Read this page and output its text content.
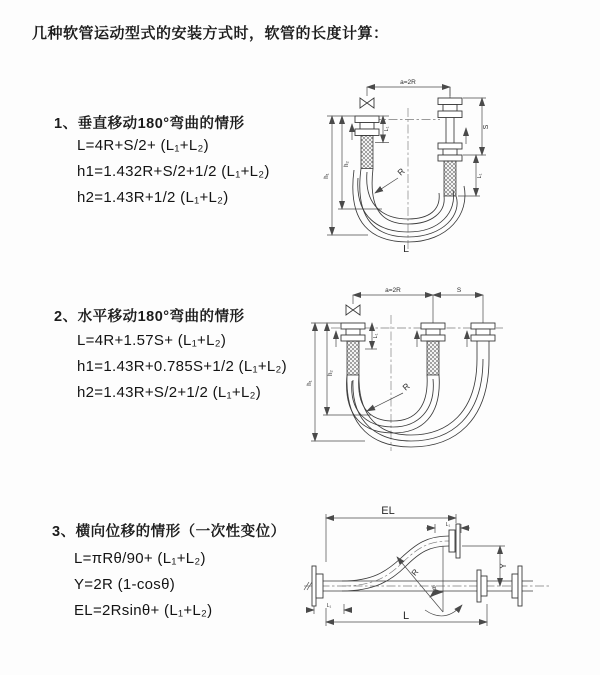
几种软管运动型式的安装方式时，软管的长度计算：
1、垂直移动180°弯曲的情形
L=4R+S/2+ (L₁+L₂)
h1=1.432R+S/2+1/2 (L₁+L₂)
h2=1.43R+1/2 (L₁+L₂)
2、水平移动180°弯曲的情形
L=4R+1.57S+ (L₁+L₂)
h1=1.43R+0.785S+1/2 (L₁+L₂)
h2=1.43R+S/2+1/2 (L₁+L₂)
3、横向位移的情形（一次性变位）
L=πRθ/90+ (L₁+L₂)
Y=2R (1-cosθ)
EL=2Rsinθ+ (L₁+L₂)
a=2R
L₁	S
L₁
h₁
h₂
R
L
a=2R	S
L₁
h₁
h₂
R
EL
L₁
Y
R
θ
L
L₁
